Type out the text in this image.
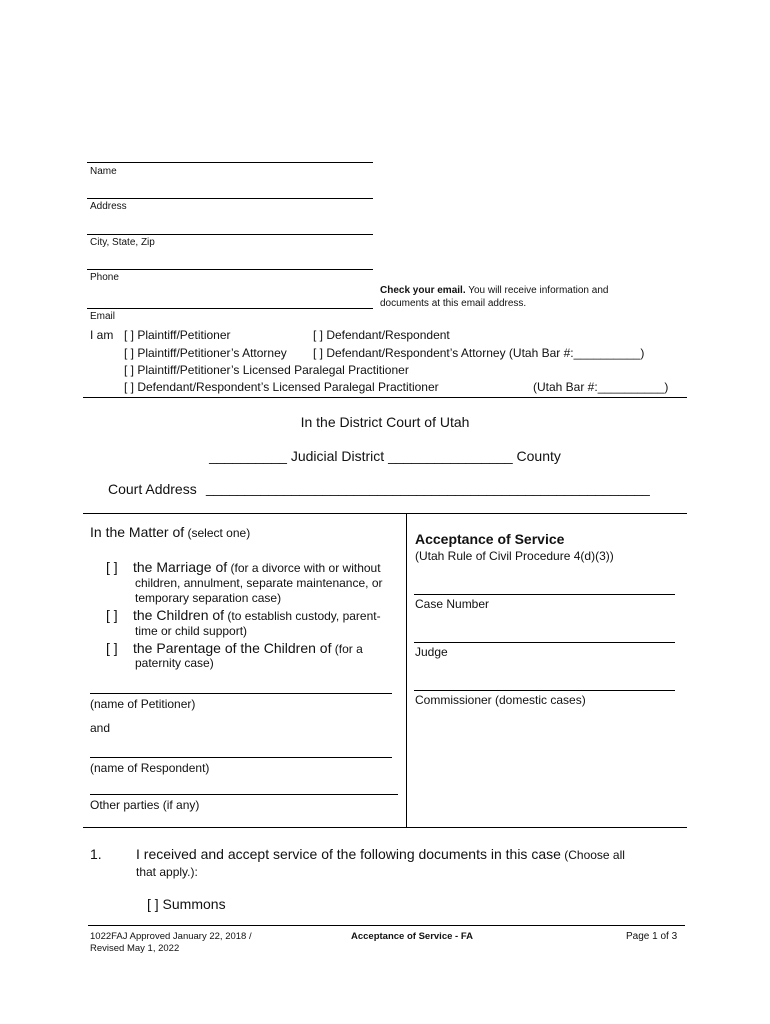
Name
Address
City, State, Zip
Phone
Check your email. You will receive information and
documents at this email address.
Email
I am [ ] Plaintiff/Petitioner	[ ] Defendant/Respondent
[ ] Plaintiff/Petitioner’s Attorney [ ] Defendant/Respondent’s Attorney (Utah Bar #:__________)
[ ] Plaintiff/Petitioner’s Licensed Paralegal Practitioner
[ ] Defendant/Respondent’s Licensed Paralegal Practitioner	(Utah Bar #:__________)
In the District Court of Utah
__________ Judicial District ________________ County
Court Address _________________________________________________________
In the Matter of (select one)
[ ] the Marriage of (for a divorce with or without
children, annulment, separate maintenance, or
temporary separation case)
[ ] the Children of (to establish custody, parent-
time or child support)
[ ] the Parentage of the Children of (for a
paternity case)
(name of Petitioner)
and
(name of Respondent)
Other parties (if any)
Acceptance of Service
(Utah Rule of Civil Procedure 4(d)(3))
Case Number
Judge
Commissioner (domestic cases)
1. I received and accept service of the following documents in this case (Choose all
that apply.):
[ ] Summons
1022FAJ Approved January 22, 2018 /
Revised May 1, 2022
Acceptance of Service - FA	Page 1 of 3
